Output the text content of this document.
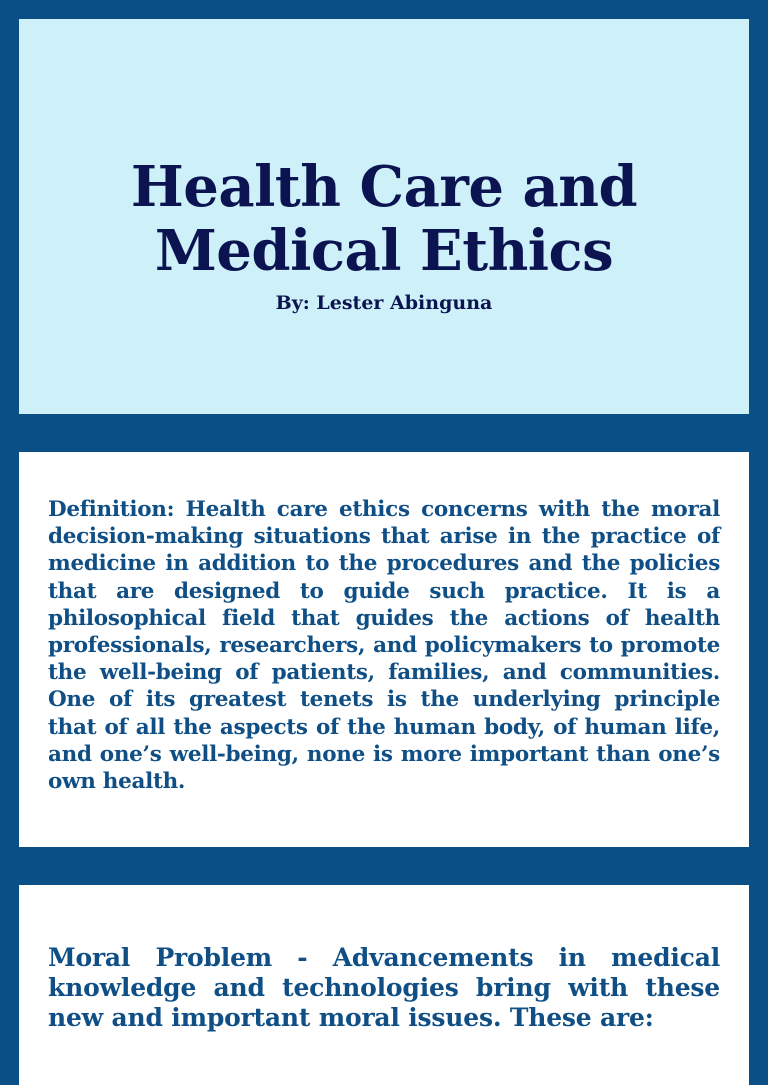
Health Care and
Medical Ethics
By: Lester Abinguna

Definition: Health care ethics concerns with the moral decision-making situations that arise in the practice of medicine in addition to the procedures and the policies that are designed to guide such practice. It is a philosophical field that guides the actions of health professionals, researchers, and policymakers to promote the well-being of patients, families, and communities. One of its greatest tenets is the underlying principle that of all the aspects of the human body, of human life, and one’s well-being, none is more important than one’s own health.

Moral Problem - Advancements in medical knowledge and technologies bring with these new and important moral issues. These are:
